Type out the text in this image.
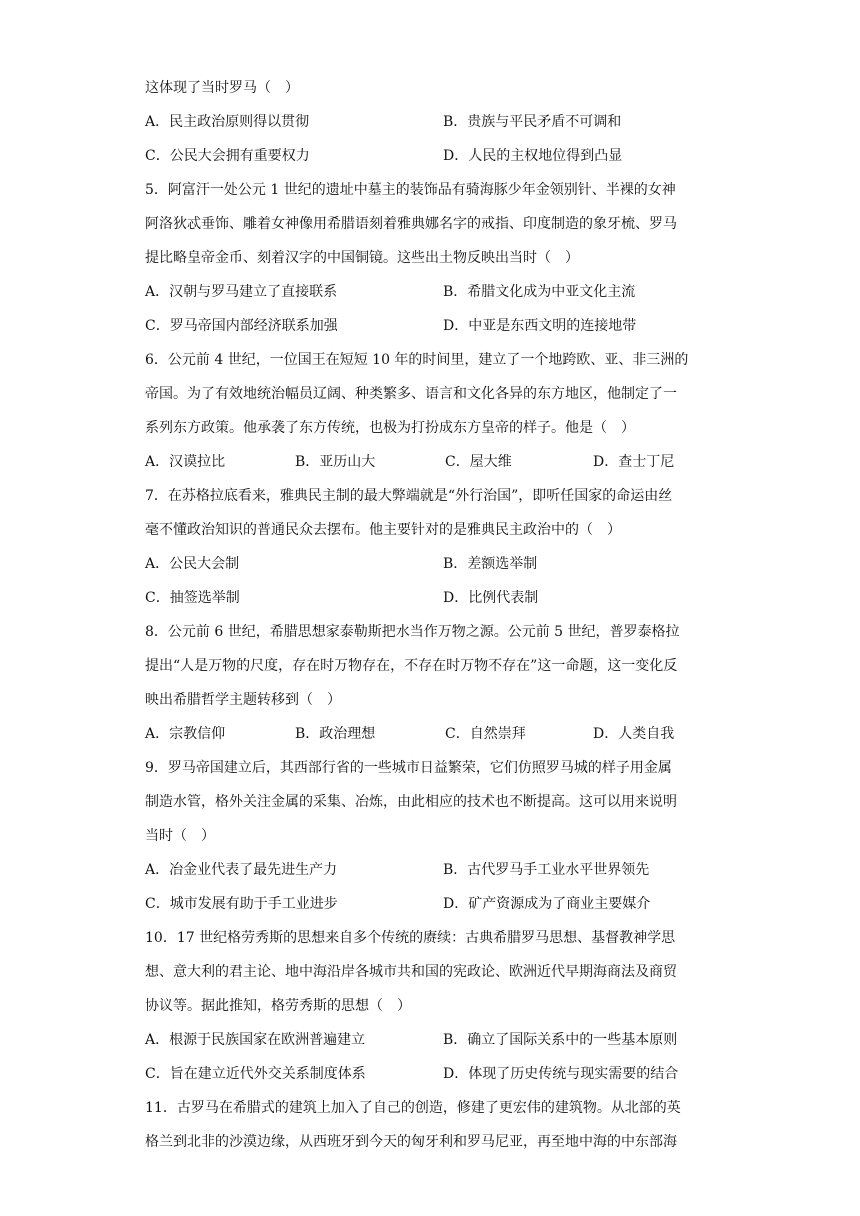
这体现了当时罗马（　）
A．民主政治原则得以贯彻	B．贵族与平民矛盾不可调和
C．公民大会拥有重要权力	D．人民的主权地位得到凸显
5．阿富汗一处公元 1 世纪的遗址中墓主的装饰品有骑海豚少年金领别针、半裸的女神
阿洛狄忒垂饰、雕着女神像用希腊语刻着雅典娜名字的戒指、印度制造的象牙梳、罗马
提比略皇帝金币、刻着汉字的中国铜镜。这些出土物反映出当时（　）
A．汉朝与罗马建立了直接联系	B．希腊文化成为中亚文化主流
C．罗马帝国内部经济联系加强	D．中亚是东西文明的连接地带
6．公元前 4 世纪，一位国王在短短 10 年的时间里，建立了一个地跨欧、亚、非三洲的
帝国。为了有效地统治幅员辽阔、种类繁多、语言和文化各异的东方地区，他制定了一
系列东方政策。他承袭了东方传统，也极为打扮成东方皇帝的样子。他是（　）
A．汉谟拉比	B．亚历山大	C．屋大维	D．查士丁尼
7．在苏格拉底看来，雅典民主制的最大弊端就是“外行治国”，即听任国家的命运由丝
毫不懂政治知识的普通民众去摆布。他主要针对的是雅典民主政治中的（　）
A．公民大会制	B．差额选举制
C．抽签选举制	D．比例代表制
8．公元前 6 世纪，希腊思想家泰勒斯把水当作万物之源。公元前 5 世纪，普罗泰格拉
提出“人是万物的尺度，存在时万物存在，不存在时万物不存在”这一命题，这一变化反
映出希腊哲学主题转移到（　）
A．宗教信仰	B．政治理想	C．自然崇拜	D．人类自我
9．罗马帝国建立后，其西部行省的一些城市日益繁荣，它们仿照罗马城的样子用金属
制造水管，格外关注金属的采集、冶炼，由此相应的技术也不断提高。这可以用来说明
当时（　）
A．冶金业代表了最先进生产力	B．古代罗马手工业水平世界领先
C．城市发展有助于手工业进步	D．矿产资源成为了商业主要媒介
10．17 世纪格劳秀斯的思想来自多个传统的赓续：古典希腊罗马思想、基督教神学思
想、意大利的君主论、地中海沿岸各城市共和国的宪政论、欧洲近代早期海商法及商贸
协议等。据此推知，格劳秀斯的思想（　）
A．根源于民族国家在欧洲普遍建立	B．确立了国际关系中的一些基本原则
C．旨在建立近代外交关系制度体系	D．体现了历史传统与现实需要的结合
11．古罗马在希腊式的建筑上加入了自己的创造，修建了更宏伟的建筑物。从北部的英
格兰到北非的沙漠边缘，从西班牙到今天的匈牙利和罗马尼亚，再至地中海的中东部海
